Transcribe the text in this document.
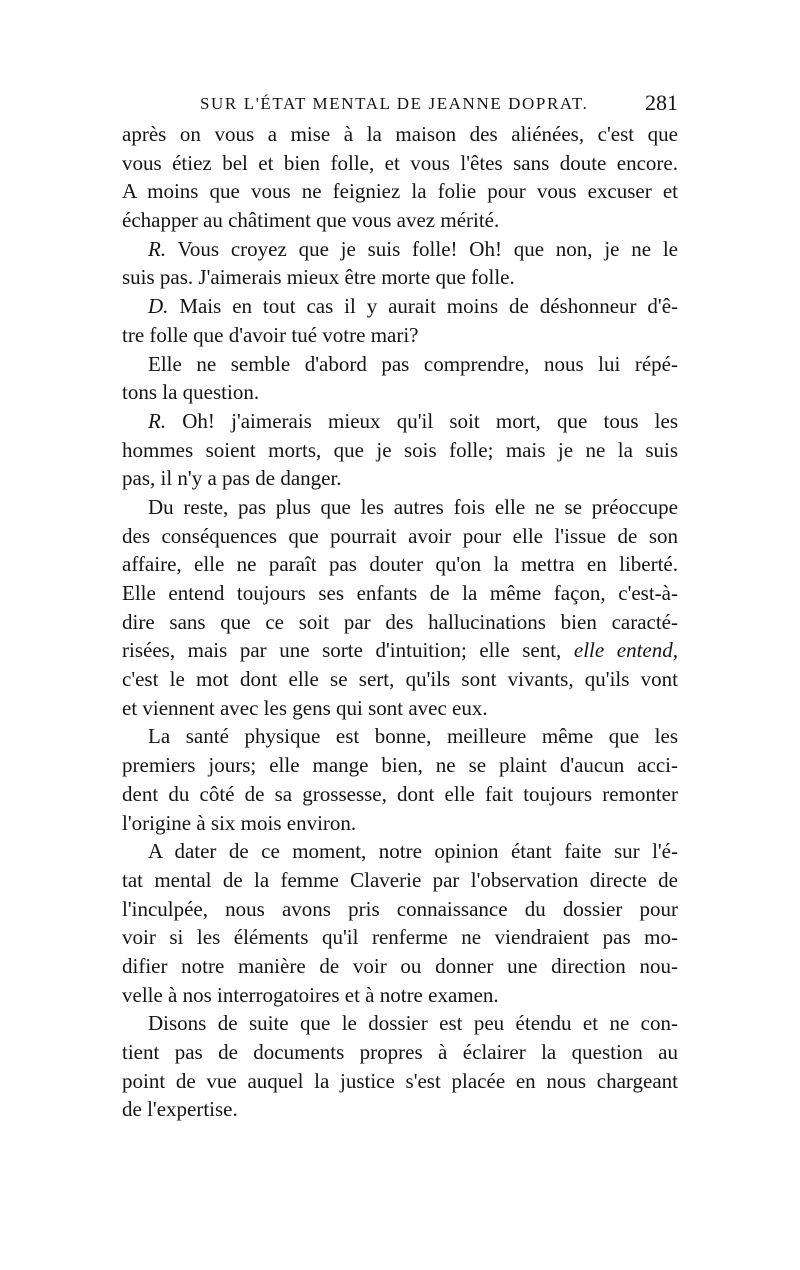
SUR L'ÉTAT MENTAL DE JEANNE DOPRAT.	281
après on vous a mise à la maison des aliénées, c'est que
vous étiez bel et bien folle, et vous l'êtes sans doute encore.
A moins que vous ne feigniez la folie pour vous excuser et
échapper au châtiment que vous avez mérité.
R. Vous croyez que je suis folle! Oh! que non, je ne le
suis pas. J'aimerais mieux être morte que folle.
D. Mais en tout cas il y aurait moins de déshonneur d'ê-
tre folle que d'avoir tué votre mari?
Elle ne semble d'abord pas comprendre, nous lui répé-
tons la question.
R. Oh! j'aimerais mieux qu'il soit mort, que tous les
hommes soient morts, que je sois folle; mais je ne la suis
pas, il n'y a pas de danger.
Du reste, pas plus que les autres fois elle ne se préoccupe
des conséquences que pourrait avoir pour elle l'issue de son
affaire, elle ne paraît pas douter qu'on la mettra en liberté.
Elle entend toujours ses enfants de la même façon, c'est-à-
dire sans que ce soit par des hallucinations bien caracté-
risées, mais par une sorte d'intuition; elle sent, elle entend,
c'est le mot dont elle se sert, qu'ils sont vivants, qu'ils vont
et viennent avec les gens qui sont avec eux.
La santé physique est bonne, meilleure même que les
premiers jours; elle mange bien, ne se plaint d'aucun acci-
dent du côté de sa grossesse, dont elle fait toujours remonter
l'origine à six mois environ.
A dater de ce moment, notre opinion étant faite sur l'é-
tat mental de la femme Claverie par l'observation directe de
l'inculpée, nous avons pris connaissance du dossier pour
voir si les éléments qu'il renferme ne viendraient pas mo-
difier notre manière de voir ou donner une direction nou-
velle à nos interrogatoires et à notre examen.
Disons de suite que le dossier est peu étendu et ne con-
tient pas de documents propres à éclairer la question au
point de vue auquel la justice s'est placée en nous chargeant
de l'expertise.
